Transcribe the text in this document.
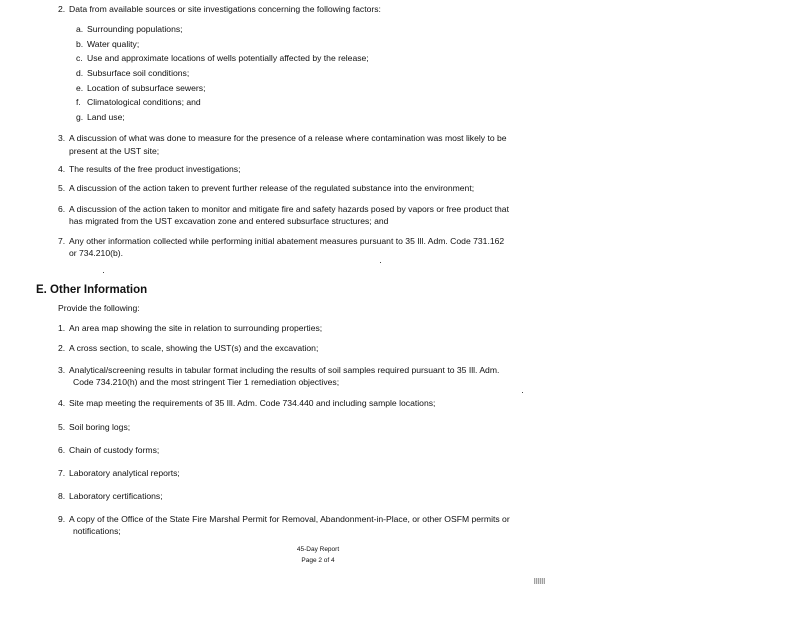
2. Data from available sources or site investigations concerning the following factors:
a. Surrounding populations;
b. Water quality;
c. Use and approximate locations of wells potentially affected by the release;
d. Subsurface soil conditions;
e. Location of subsurface sewers;
f. Climatological conditions; and
g. Land use;
3. A discussion of what was done to measure for the presence of a release where contamination was most likely to be
present at the UST site;
4. The results of the free product investigations;
5. A discussion of the action taken to prevent further release of the regulated substance into the environment;
6. A discussion of the action taken to monitor and mitigate fire and safety hazards posed by vapors or free product that
has migrated from the UST excavation zone and entered subsurface structures; and
7. Any other information collected while performing initial abatement measures pursuant to 35 Ill. Adm. Code 731.162
or 734.210(b).
E. Other Information
Provide the following:
1. An area map showing the site in relation to surrounding properties;
2. A cross section, to scale, showing the UST(s) and the excavation;
3. Analytical/screening results in tabular format including the results of soil samples required pursuant to 35 Ill. Adm.
Code 734.210(h) and the most stringent Tier 1 remediation objectives;
4. Site map meeting the requirements of 35 Ill. Adm. Code 734.440 and including sample locations;
5. Soil boring logs;
6. Chain of custody forms;
7. Laboratory analytical reports;
8. Laboratory certifications;
9. A copy of the Office of the State Fire Marshal Permit for Removal, Abandonment-in-Place, or other OSFM permits or
notifications;
45-Day Report
Page 2 of 4
